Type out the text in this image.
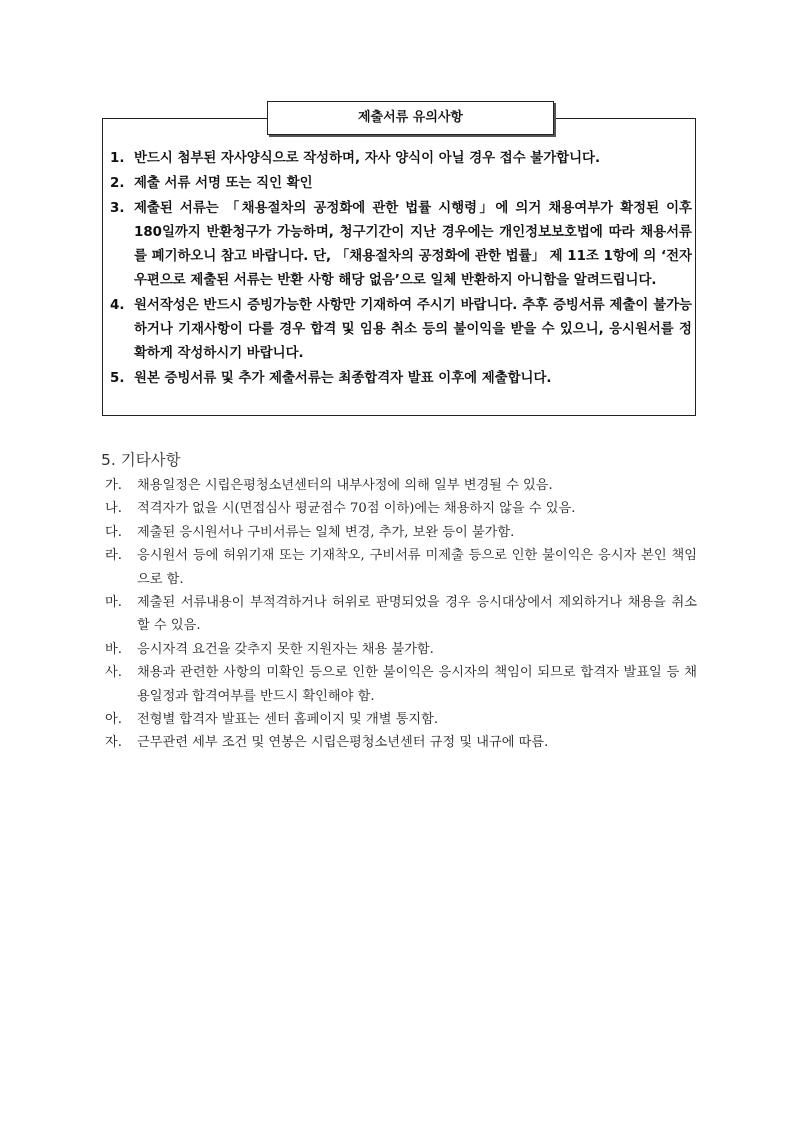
제출서류 유의사항
1. 반드시 첨부된 자사양식으로 작성하며, 자사 양식이 아닐 경우 접수 불가합니다.
2. 제출 서류 서명 또는 직인 확인
3. 제출된 서류는 「채용절차의 공정화에 관한 법률 시행령」에 의거 채용여부가 확정된 이후 180일까지 반환청구가 가능하며, 청구기간이 지난 경우에는 개인정보보호법에 따라 채용서류를 폐기하오니 참고 바랍니다. 단, 「채용절차의 공정화에 관한 법률」 제 11조 1항에 의 ‘전자우편으로 제출된 서류는 반환 사항 해당 없음’으로 일체 반환하지 아니함을 알려드립니다.
4. 원서작성은 반드시 증빙가능한 사항만 기재하여 주시기 바랍니다. 추후 증빙서류 제출이 불가능하거나 기재사항이 다를 경우 합격 및 임용 취소 등의 불이익을 받을 수 있으니, 응시원서를 정확하게 작성하시기 바랍니다.
5. 원본 증빙서류 및 추가 제출서류는 최종합격자 발표 이후에 제출합니다.
5. 기타사항
가. 채용일정은 시립은평청소년센터의 내부사정에 의해 일부 변경될 수 있음.
나. 적격자가 없을 시(면접심사 평균점수 70점 이하)에는 채용하지 않을 수 있음.
다. 제출된 응시원서나 구비서류는 일체 변경, 추가, 보완 등이 불가함.
라. 응시원서 등에 허위기재 또는 기재착오, 구비서류 미제출 등으로 인한 불이익은 응시자 본인 책임으로 함.
마. 제출된 서류내용이 부적격하거나 허위로 판명되었을 경우 응시대상에서 제외하거나 채용을 취소할 수 있음.
바. 응시자격 요건을 갖추지 못한 지원자는 채용 불가함.
사. 채용과 관련한 사항의 미확인 등으로 인한 불이익은 응시자의 책임이 되므로 합격자 발표일 등 채용일정과 합격여부를 반드시 확인해야 함.
아. 전형별 합격자 발표는 센터 홈페이지 및 개별 통지함.
자. 근무관련 세부 조건 및 연봉은 시립은평청소년센터 규정 및 내규에 따름.
